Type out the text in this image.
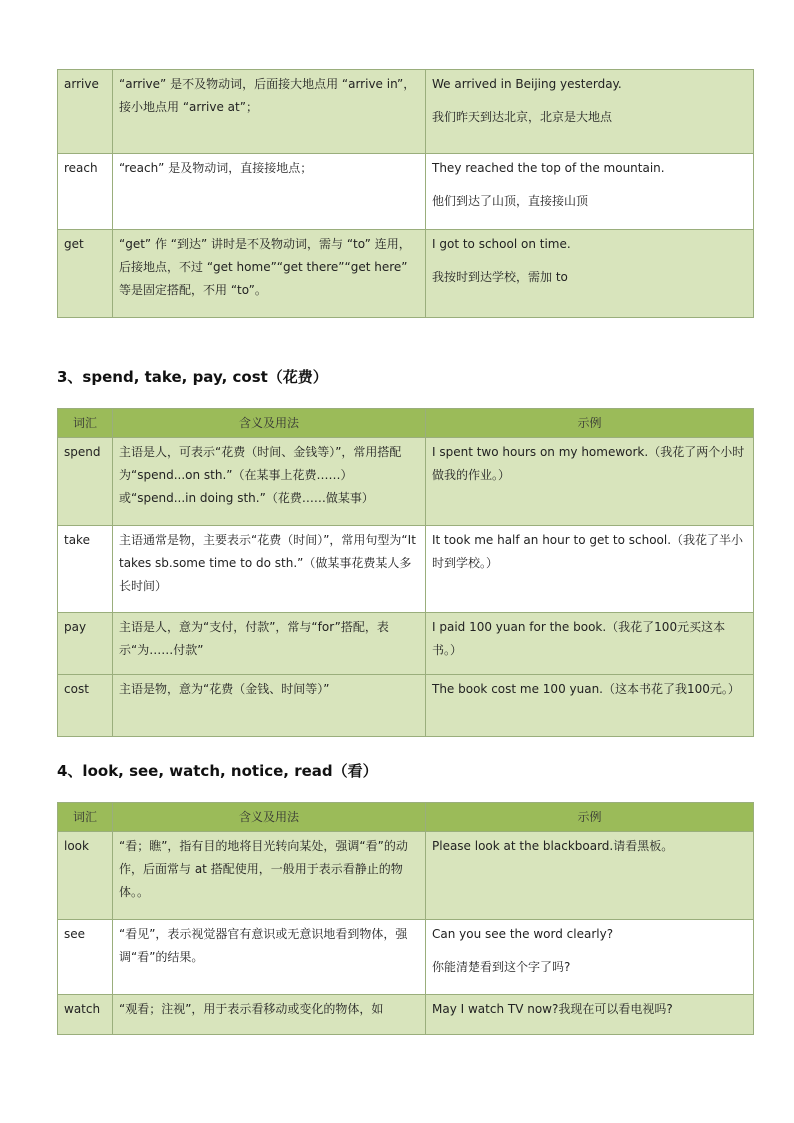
arrive	“arrive” 是不及物动词，后面接大地点用 “arrive in”，接小地点用 “arrive at”；	We arrived in Beijing yesterday.

我们昨天到达北京，北京是大地点

reach	“reach” 是及物动词，直接接地点；	They reached the top of the mountain.

他们到达了山顶，直接接山顶

get	“get” 作 “到达” 讲时是不及物动词，需与 “to” 连用，后接地点，不过 “get home”“get there”“get here” 等是固定搭配，不用 “to”。	I got to school on time.

我按时到达学校，需加 to

3、spend, take, pay, cost（花费）
词汇	含义及用法	示例
spend	主语是人，可表示“花费（时间、金钱等）”，常用搭配为“spend...on sth.”（在某事上花费……）或“spend...in doing sth.”（花费……做某事）	I spent two hours on my homework.（我花了两个小时做我的作业。）

take	主语通常是物，主要表示“花费（时间）”，常用句型为“It takes sb.some time to do sth.”（做某事花费某人多长时间）	It took me half an hour to get to school.（我花了半小时到学校。）

pay	主语是人，意为“支付，付款”，常与“for”搭配，表示“为……付款”	I paid 100 yuan for the book.（我花了100元买这本书。）

cost	主语是物，意为“花费（金钱、时间等）”	The book cost me 100 yuan.（这本书花了我100元。）

4、look, see, watch, notice, read（看）
词汇	含义及用法	示例
look	“看；瞧”，指有目的地将目光转向某处，强调“看”的动作，后面常与 at 搭配使用，一般用于表示看静止的物体。。	Please look at the blackboard.请看黑板。

see	“看见”，表示视觉器官有意识或无意识地看到物体，强调“看”的结果。	Can you see the word clearly?

你能清楚看到这个字了吗?

watch	“观看；注视”，用于表示看移动或变化的物体，如	May I watch TV now?我现在可以看电视吗?
